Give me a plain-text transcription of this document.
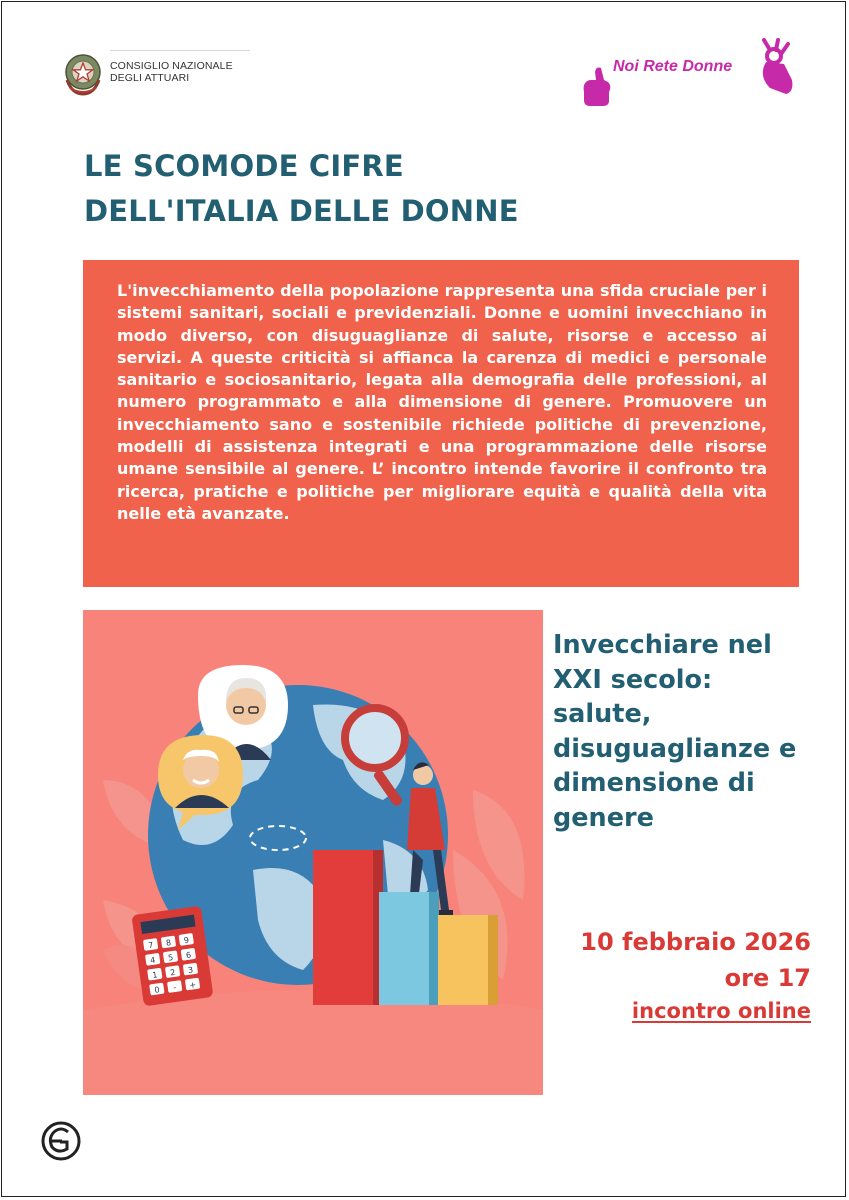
CONSIGLIO NAZIONALE
DEGLI ATTUARI
Noi Rete Donne
LE SCOMODE CIFRE
DELL'ITALIA DELLE DONNE

L'invecchiamento della popolazione rappresenta una sfida cruciale per i sistemi sanitari, sociali e previdenziali. Donne e uomini invecchiano in modo diverso, con disuguaglianze di salute, risorse e accesso ai servizi. A queste criticità si affianca la carenza di medici e personale sanitario e sociosanitario, legata alla demografia delle professioni, al numero programmato e alla dimensione di genere. Promuovere un invecchiamento sano e sostenibile richiede politiche di prevenzione, modelli di assistenza integrati e una programmazione delle risorse umane sensibile al genere. L’ incontro intende favorire il confronto tra ricerca, pratiche e politiche per migliorare equità e qualità della vita nelle età avanzate.

7 8 9
4 5 6
1 2 3
0 - +
Invecchiare nel
XXI secolo:
salute,
disuguaglianze e
dimensione di
genere
10 febbraio 2026
ore 17
incontro online
